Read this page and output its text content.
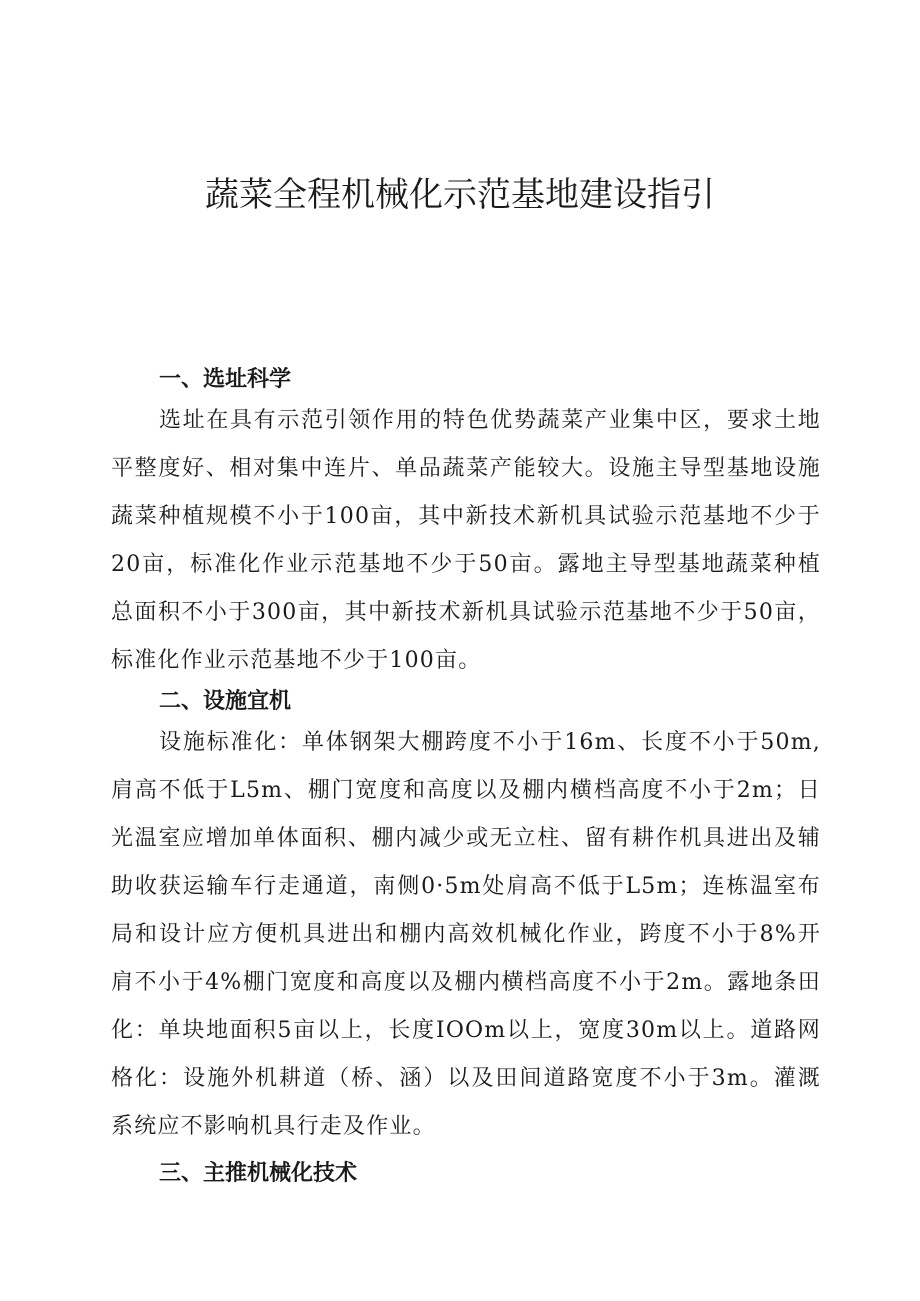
蔬菜全程机械化示范基地建设指引
一、选址科学

选址在具有示范引领作用的特色优势蔬菜产业集中区，要求土地平整度好、相对集中连片、单品蔬菜产能较大。设施主导型基地设施蔬菜种植规模不小于100亩，其中新技术新机具试验示范基地不少于20亩，标准化作业示范基地不少于50亩。露地主导型基地蔬菜种植总面积不小于300亩，其中新技术新机具试验示范基地不少于50亩，标准化作业示范基地不少于100亩。

二、设施宜机

设施标准化：单体钢架大棚跨度不小于16m、长度不小于50m,肩高不低于L5m、棚门宽度和高度以及棚内横档高度不小于2m；日光温室应增加单体面积、棚内减少或无立柱、留有耕作机具进出及辅助收获运输车行走通道，南侧0·5m处肩高不低于L5m；连栋温室布局和设计应方便机具进出和棚内高效机械化作业，跨度不小于8%开肩不小于4%棚门宽度和高度以及棚内横档高度不小于2m。露地条田化：单块地面积5亩以上，长度IOOm以上，宽度30m以上。道路网格化：设施外机耕道（桥、涵）以及田间道路宽度不小于3m。灌溉系统应不影响机具行走及作业。

三、主推机械化技术
